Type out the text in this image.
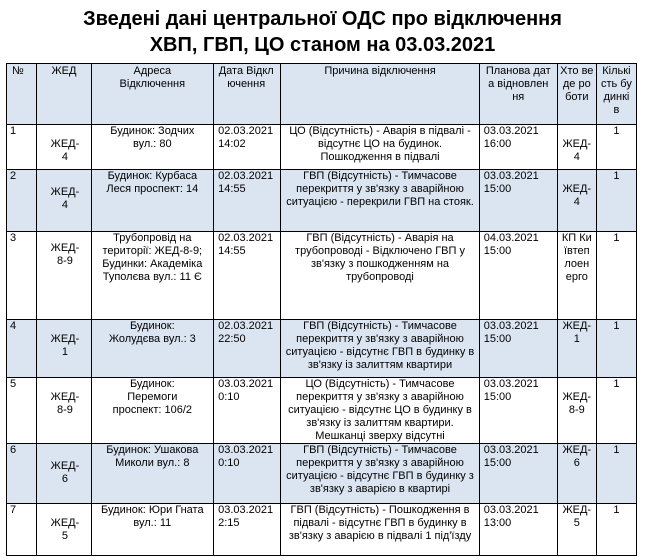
Зведені дані центральної ОДС про відключення
ХВП, ГВП, ЦО станом на 03.03.2021
№	ЖЕД	Адреса Відключення	Дата Відключення	Причина відключення	Планова дата відновлення	Хто веде роботи	Кількість будинків
1	ЖЕД-4	Будинок: Зодчих вул.: 80	02.03.2021 14:02	ЦО (Відсутність) - Аварія в підвалі - відсутнє ЦО на будинок. Пошкодження в підвалі	03.03.2021 16:00	ЖЕД-4	1
2	ЖЕД-4	Будинок: Курбаса Леся проспект: 14	02.03.2021 14:55	ГВП (Відсутність) - Тимчасове перекриття у зв'язку з аварійною ситуацією - перекрили ГВП на стояк.	03.03.2021 15:00	ЖЕД-4	1
3	ЖЕД-8-9	Трубопровід на території: ЖЕД-8-9; Будинки: Академіка Туполєва вул.: 11 Є	02.03.2021 14:55	ГВП (Відсутність) - Аварія на трубопроводі - Відключено ГВП у зв'язку з пошкодженням на трубопроводі	04.03.2021 15:00	КП Київтеплоенерго	1
4	ЖЕД-1	Будинок: Жолудєва вул.: 3	02.03.2021 22:50	ГВП (Відсутність) - Тимчасове перекриття у зв'язку з аварійною ситуацією - відсутнє ГВП в будинку в зв'язку із залиттям квартири	03.03.2021 15:00	ЖЕД-1	1
5	ЖЕД-8-9	Будинок: Перемоги проспект: 106/2	03.03.2021 0:10	ЦО (Відсутність) - Тимчасове перекриття у зв'язку з аварійною ситуацією - відсутнє ЦО в будинку в зв'язку із залиттям квартири. Мешканці зверху відсутні	03.03.2021 15:00	ЖЕД-8-9	1
6	ЖЕД-6	Будинок: Ушакова Миколи вул.: 8	03.03.2021 0:10	ГВП (Відсутність) - Тимчасове перекриття у зв'язку з аварійною ситуацією - відсутнє ГВП в будинку з зв'язку з аварією в квартирі	03.03.2021 15:00	ЖЕД-6	1
7	ЖЕД-5	Будинок: Юри Гната вул.: 11	03.03.2021 2:15	ГВП (Відсутність) - Пошкодження в підвалі - відсутнє ГВП в будинку в зв'язку з аварією в підвалі 1 під'їзду	03.03.2021 13:00	ЖЕД-5	1
